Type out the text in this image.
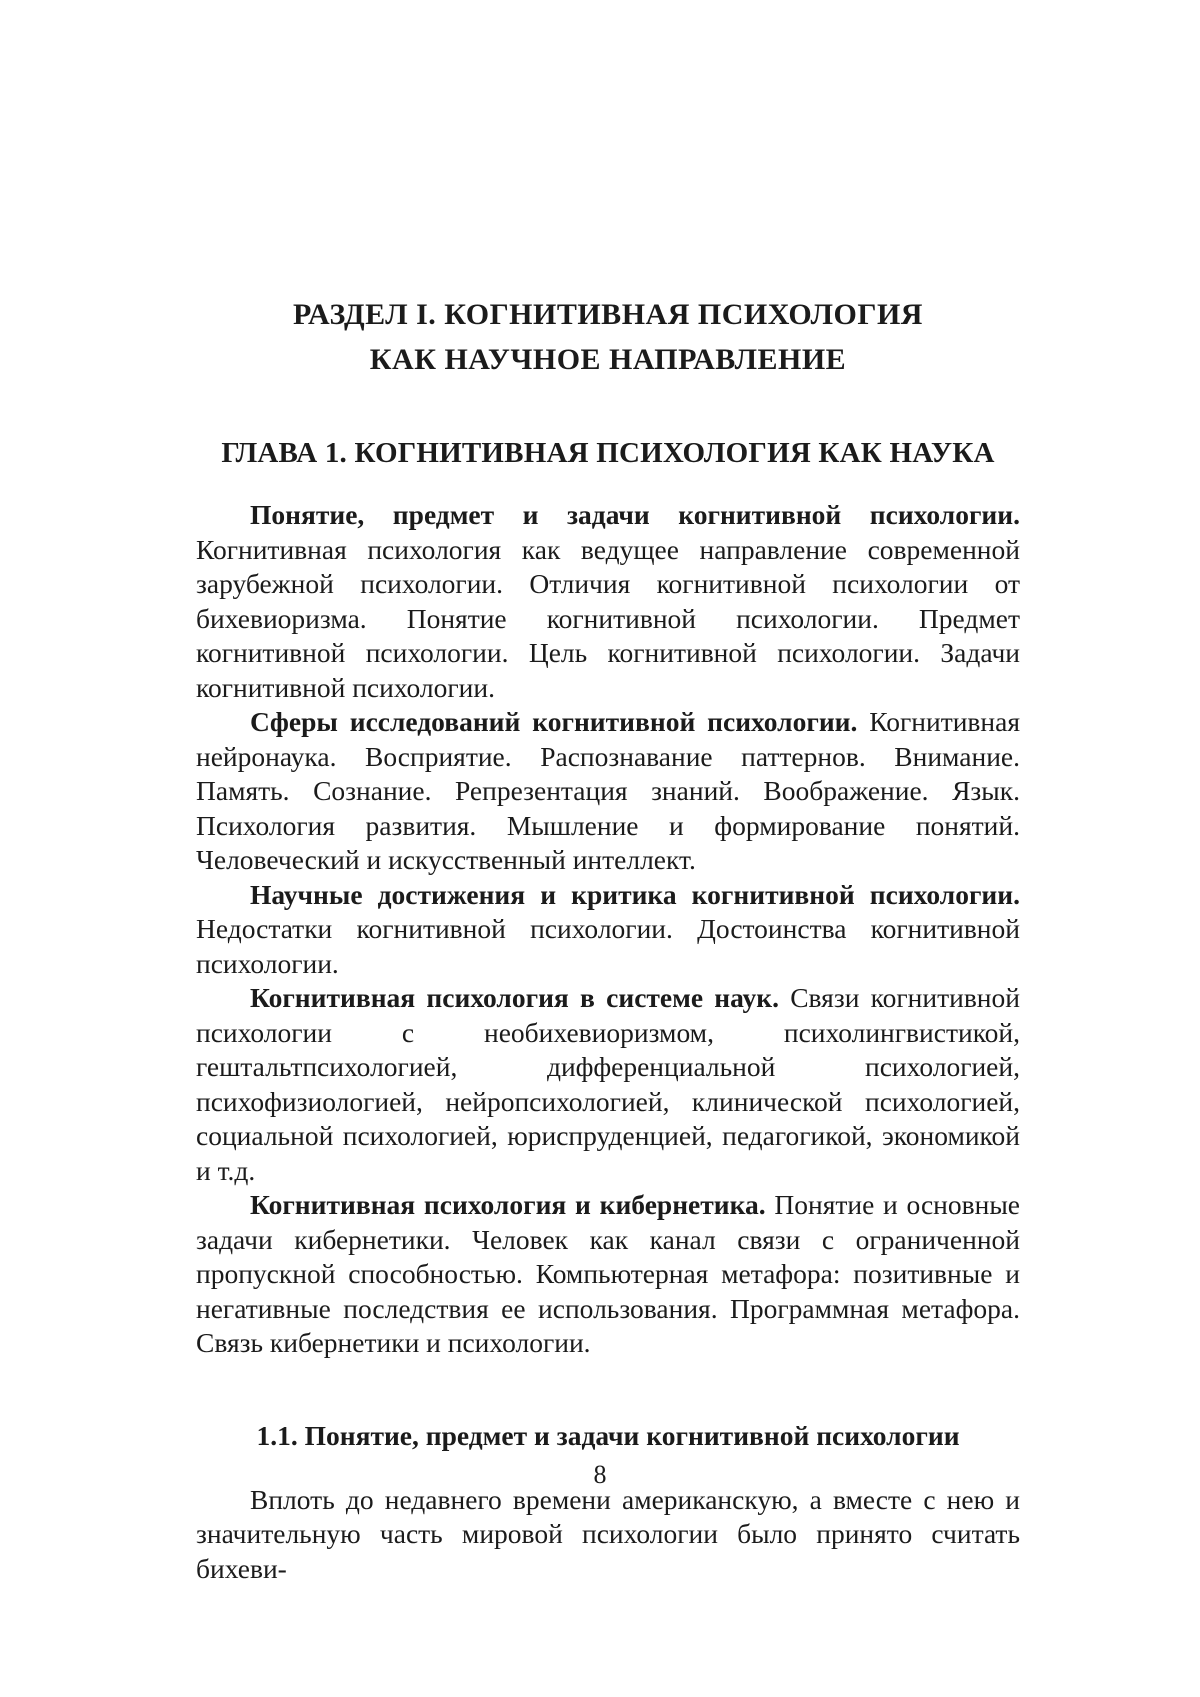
РАЗДЕЛ I. КОГНИТИВНАЯ ПСИХОЛОГИЯ
КАК НАУЧНОЕ НАПРАВЛЕНИЕ
ГЛАВА 1. КОГНИТИВНАЯ ПСИХОЛОГИЯ КАК НАУКА

Понятие, предмет и задачи когнитивной психологии. Когнитивная психология как ведущее направление современной зарубежной психологии. Отличия когнитивной психологии от бихевиоризма. Понятие когнитивной психологии. Предмет когнитивной психологии. Цель когнитивной психологии. Задачи когнитивной психологии.

Сферы исследований когнитивной психологии. Когнитивная нейронаука. Восприятие. Распознавание паттернов. Внимание. Память. Сознание. Репрезентация знаний. Воображение. Язык. Психология развития. Мышление и формирование понятий. Человеческий и искусственный интеллект.

Научные достижения и критика когнитивной психологии. Недостатки когнитивной психологии. Достоинства когнитивной психологии.

Когнитивная психология в системе наук. Связи когнитивной психологии с необихевиоризмом, психолингвистикой, гештальтпсихологией, дифференциальной психологией, психофизиологией, нейропсихологией, клинической психологией, социальной психологией, юриспруденцией, педагогикой, экономикой и т.д.

Когнитивная психология и кибернетика. Понятие и основные задачи кибернетики. Человек как канал связи с ограниченной пропускной способностью. Компьютерная метафора: позитивные и негативные последствия ее использования. Программная метафора. Связь кибернетики и психологии.

1.1. Понятие, предмет и задачи когнитивной психологии

Вплоть до недавнего времени американскую, а вместе с нею и значительную часть мировой психологии было принято считать бихеви-

8
